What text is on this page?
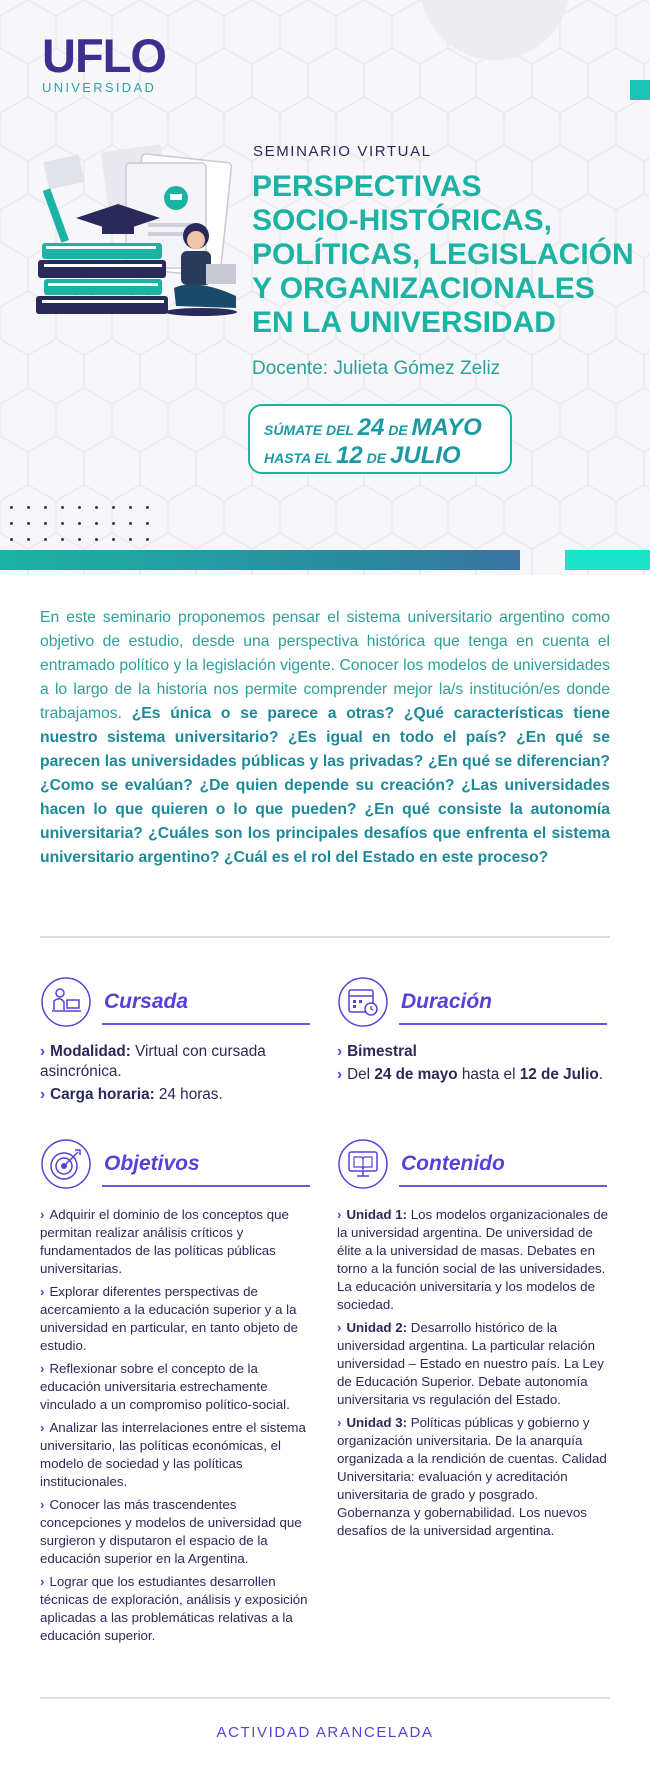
UFLO
UNIVERSIDAD
SEMINARIO VIRTUAL
PERSPECTIVAS
SOCIO-HISTÓRICAS,
POLÍTICAS, LEGISLACIÓN
Y ORGANIZACIONALES
EN LA UNIVERSIDAD
Docente: Julieta Gómez Zeliz
SÚMATE DEL 24 DE MAYO
HASTA EL 12 DE JULIO

En este seminario proponemos pensar el sistema universitario argentino como objetivo de estudio, desde una perspectiva histórica que tenga en cuenta el entramado político y la legislación vigente. Conocer los modelos de universidades a lo largo de la historia nos permite comprender mejor la/s institución/es donde trabajamos. ¿Es única o se parece a otras? ¿Qué características tiene nuestro sistema universitario? ¿Es igual en todo el país? ¿En qué se parecen las universidades públicas y las privadas? ¿En qué se diferencian? ¿Como se evalúan? ¿De quien depende su creación? ¿Las universidades hacen lo que quieren o lo que pueden? ¿En qué consiste la autonomía universitaria? ¿Cuáles son los principales desafíos que enfrenta el sistema universitario argentino? ¿Cuál es el rol del Estado en este proceso?

Cursada
› Modalidad: Virtual con cursada asincrónica.
› Carga horaria: 24 horas.
Duración
› Bimestral
› Del 24 de mayo hasta el 12 de Julio.
Objetivos
› Adquirir el dominio de los conceptos que permitan realizar análisis críticos y fundamentados de las políticas públicas universitarias.
› Explorar diferentes perspectivas de acercamiento a la educación superior y a la universidad en particular, en tanto objeto de estudio.
› Reflexionar sobre el concepto de la educación universitaria estrechamente vinculado a un compromiso político-social.
› Analizar las interrelaciones entre el sistema universitario, las políticas económicas, el modelo de sociedad y las políticas institucionales.
› Conocer las más trascendentes concepciones y modelos de universidad que surgieron y disputaron el espacio de la educación superior en la Argentina.
› Lograr que los estudiantes desarrollen técnicas de exploración, análisis y exposición aplicadas a las problemáticas relativas a la educación superior.
Contenido
› Unidad 1: Los modelos organizacionales de la universidad argentina. De universidad de élite a la universidad de masas. Debates en torno a la función social de las universidades. La educación universitaria y los modelos de sociedad.
› Unidad 2: Desarrollo histórico de la universidad argentina. La particular relación universidad – Estado en nuestro país. La Ley de Educación Superior. Debate autonomía universitaria vs regulación del Estado.
› Unidad 3: Políticas públicas y gobierno y organización universitaria. De la anarquía organizada a la rendición de cuentas. Calidad Universitaria: evaluación y acreditación universitaria de grado y posgrado. Gobernanza y gobernabilidad. Los nuevos desafíos de la universidad argentina.
ACTIVIDAD ARANCELADA
